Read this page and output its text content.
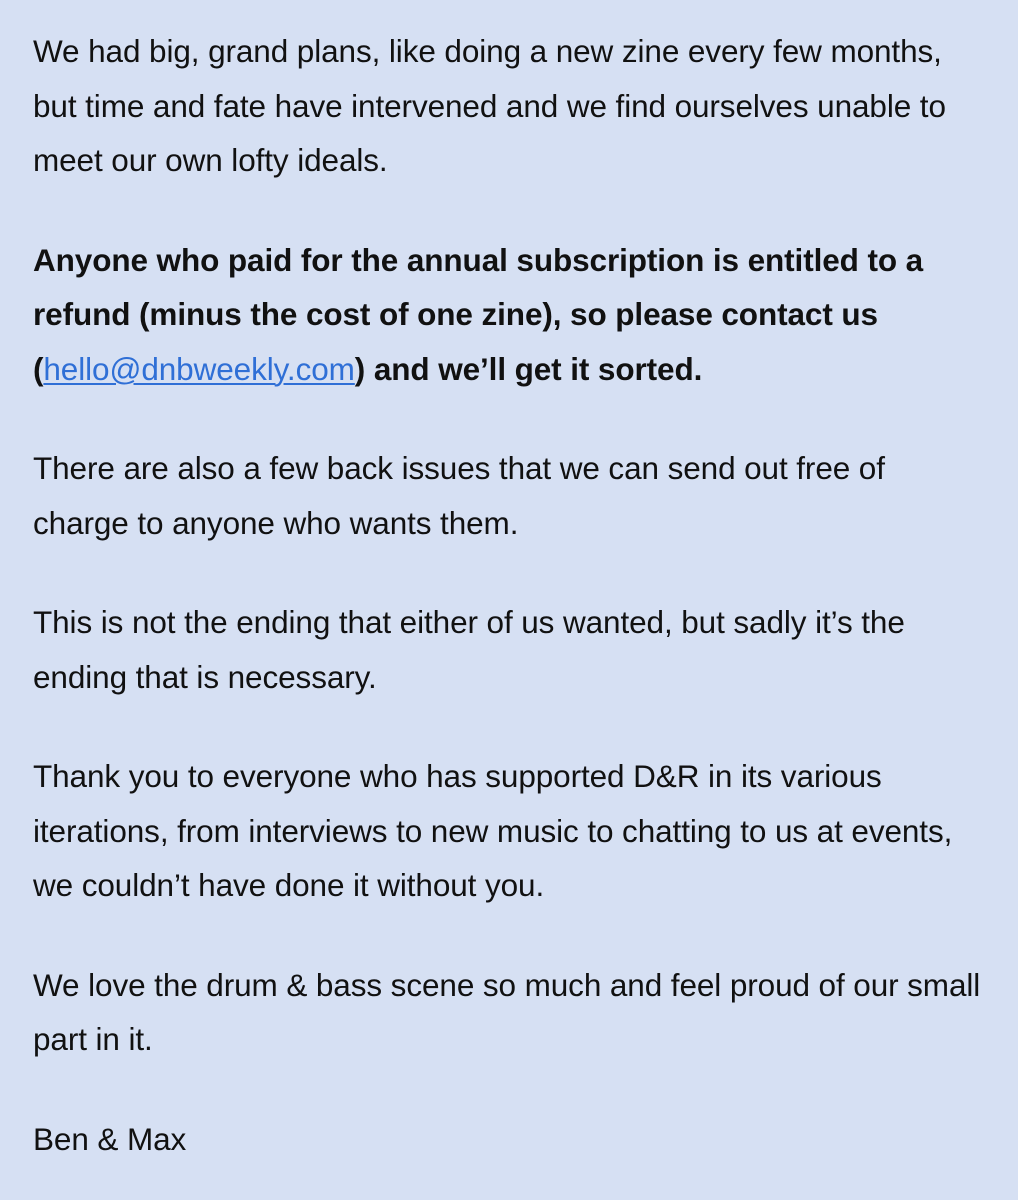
We had big, grand plans, like doing a new zine every few months, but time and fate have intervened and we find ourselves unable to meet our own lofty ideals.

Anyone who paid for the annual subscription is entitled to a refund (minus the cost of one zine), so please contact us (hello@dnbweekly.com) and we’ll get it sorted.

There are also a few back issues that we can send out free of charge to anyone who wants them.

This is not the ending that either of us wanted, but sadly it’s the ending that is necessary.

Thank you to everyone who has supported D&R in its various iterations, from interviews to new music to chatting to us at events, we couldn’t have done it without you.

We love the drum & bass scene so much and feel proud of our small part in it.

Ben & Max
